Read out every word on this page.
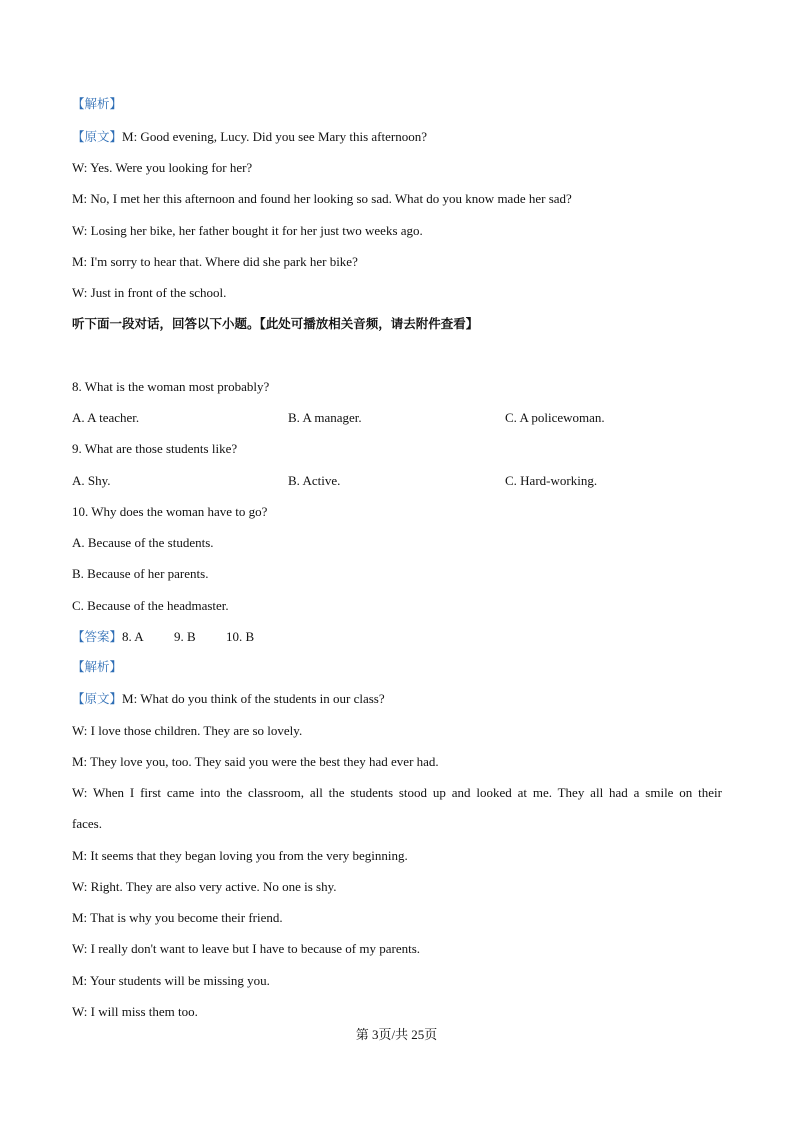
【解析】
【原文】M: Good evening, Lucy. Did you see Mary this afternoon?
W: Yes. Were you looking for her?
M: No, I met her this afternoon and found her looking so sad. What do you know made her sad?
W: Losing her bike, her father bought it for her just two weeks ago.
M: I'm sorry to hear that. Where did she park her bike?
W: Just in front of the school.
听下面一段对话，回答以下小题。【此处可播放相关音频，请去附件查看】
8. What is the woman most probably?
A. A teacher.	B. A manager.	C. A policewoman.
9. What are those students like?
A. Shy.	B. Active.	C. Hard-working.
10. Why does the woman have to go?
A. Because of the students.
B. Because of her parents.
C. Because of the headmaster.
【答案】8. A 9. B 10. B
【解析】
【原文】M: What do you think of the students in our class?
W: I love those children. They are so lovely.
M: They love you, too. They said you were the best they had ever had.
W: When I first came into the classroom, all the students stood up and looked at me. They all had a smile on their
faces.
M: It seems that they began loving you from the very beginning.
W: Right. They are also very active. No one is shy.
M: That is why you become their friend.
W: I really don't want to leave but I have to because of my parents.
M: Your students will be missing you.
W: I will miss them too.
第 3页/共 25页
